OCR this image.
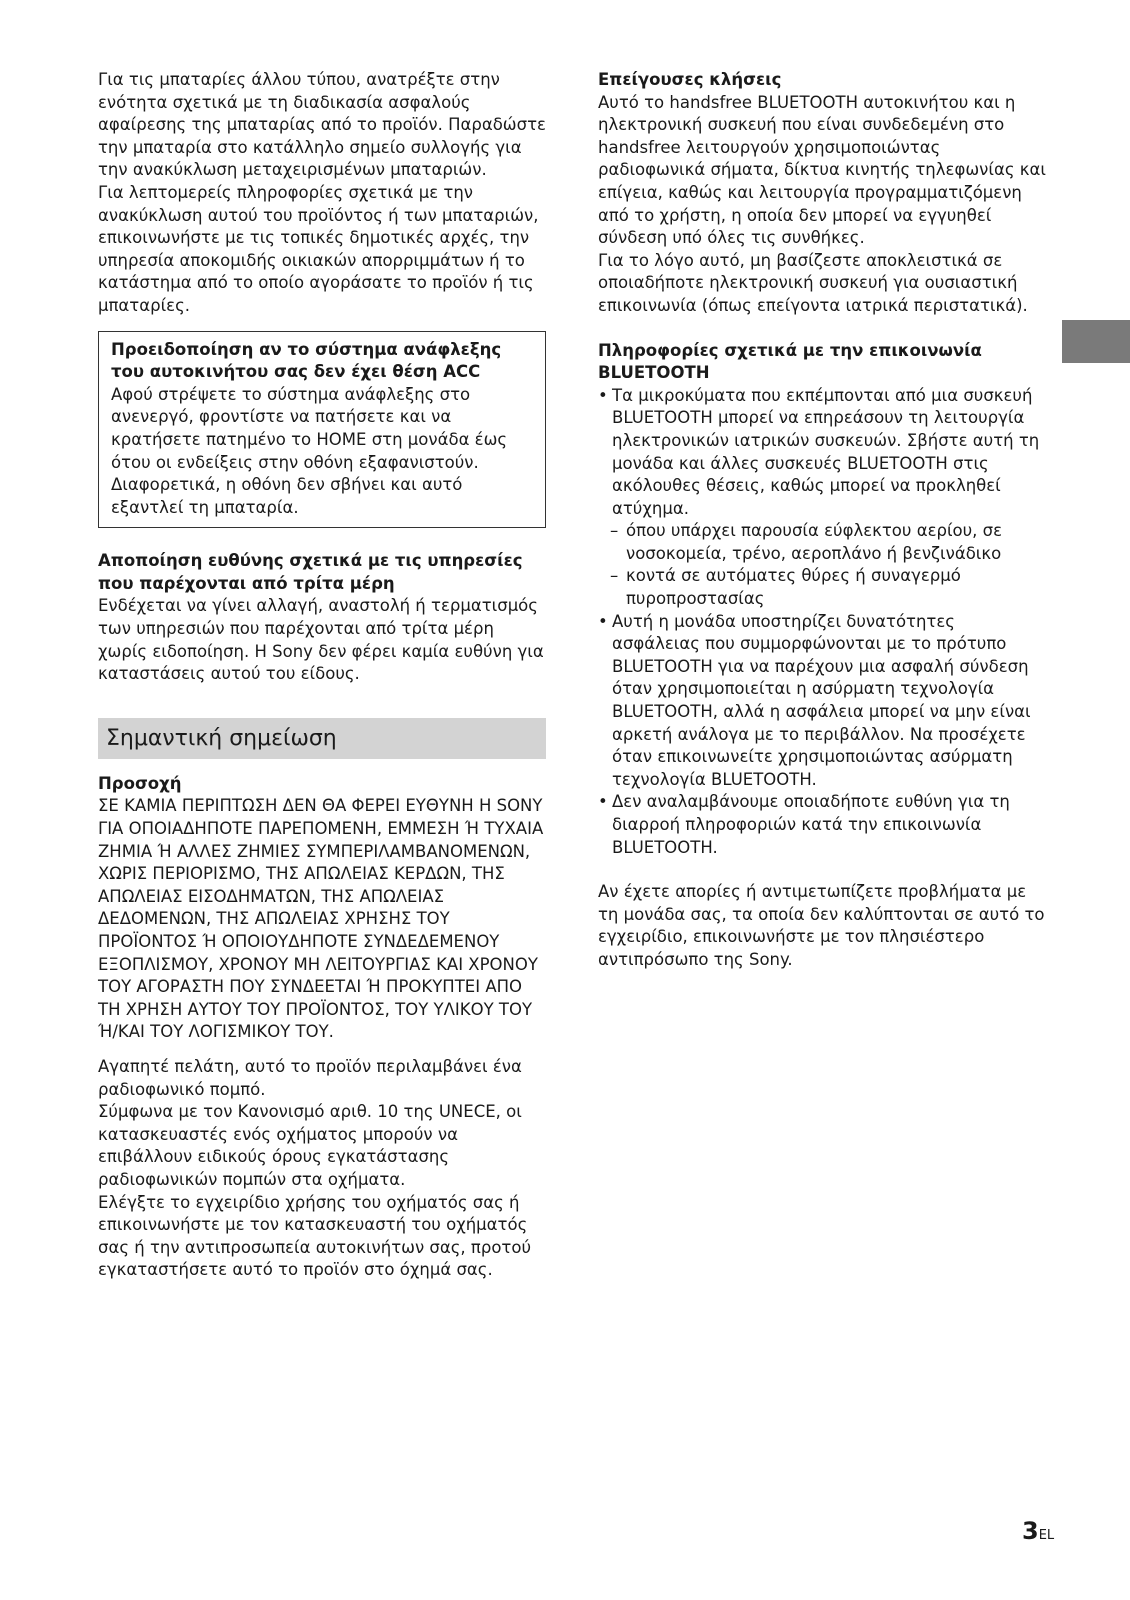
Για τις μπαταρίες άλλου τύπου, ανατρέξτε στην ενότητα σχετικά με τη διαδικασία ασφαλούς αφαίρεσης της μπαταρίας από το προϊόν. Παραδώστε την μπαταρία στο κατάλληλο σημείο συλλογής για την ανακύκλωση μεταχειρισμένων μπαταριών.

Για λεπτομερείς πληροφορίες σχετικά με την ανακύκλωση αυτού του προϊόντος ή των μπαταριών, επικοινωνήστε με τις τοπικές δημοτικές αρχές, την υπηρεσία αποκομιδής οικιακών απορριμμάτων ή το κατάστημα από το οποίο αγοράσατε το προϊόν ή τις μπαταρίες.

Προειδοποίηση αν το σύστημα ανάφλεξης του αυτοκινήτου σας δεν έχει θέση ACC

Αφού στρέψετε το σύστημα ανάφλεξης στο ανενεργό, φροντίστε να πατήσετε και να κρατήσετε πατημένο το HOME στη μονάδα έως ότου οι ενδείξεις στην οθόνη εξαφανιστούν. Διαφορετικά, η οθόνη δεν σβήνει και αυτό εξαντλεί τη μπαταρία.

Αποποίηση ευθύνης σχετικά με τις υπηρεσίες που παρέχονται από τρίτα μέρη

Ενδέχεται να γίνει αλλαγή, αναστολή ή τερματισμός των υπηρεσιών που παρέχονται από τρίτα μέρη χωρίς ειδοποίηση. Η Sony δεν φέρει καμία ευθύνη για καταστάσεις αυτού του είδους.

Σημαντική σημείωση

Προσοχή

ΣΕ ΚΑΜΙΑ ΠΕΡΙΠΤΩΣΗ ΔΕΝ ΘΑ ΦΕΡΕΙ ΕΥΘΥΝΗ Η SONY ΓΙΑ ΟΠΟΙΑΔΗΠΟΤΕ ΠΑΡΕΠΟΜΕΝΗ, ΕΜΜΕΣΗ Ή ΤΥΧΑΙΑ ΖΗΜΙΑ Ή ΑΛΛΕΣ ΖΗΜΙΕΣ ΣΥΜΠΕΡΙΛΑΜΒΑΝΟΜΕΝΩΝ, ΧΩΡΙΣ ΠΕΡΙΟΡΙΣΜΟ, ΤΗΣ ΑΠΩΛΕΙΑΣ ΚΕΡΔΩΝ, ΤΗΣ ΑΠΩΛΕΙΑΣ ΕΙΣΟΔΗΜΑΤΩΝ, ΤΗΣ ΑΠΩΛΕΙΑΣ ΔΕΔΟΜΕΝΩΝ, ΤΗΣ ΑΠΩΛΕΙΑΣ ΧΡΗΣΗΣ ΤΟΥ ΠΡΟΪΟΝΤΟΣ Ή ΟΠΟΙΟΥΔΗΠΟΤΕ ΣΥΝΔΕΔΕΜΕΝΟΥ ΕΞΟΠΛΙΣΜΟΥ, ΧΡΟΝΟΥ ΜΗ ΛΕΙΤΟΥΡΓΙΑΣ ΚΑΙ ΧΡΟΝΟΥ ΤΟΥ ΑΓΟΡΑΣΤΗ ΠΟΥ ΣΥΝΔΕΕΤΑΙ Ή ΠΡΟΚΥΠΤΕΙ ΑΠΟ ΤΗ ΧΡΗΣΗ ΑΥΤΟΥ ΤΟΥ ΠΡΟΪΟΝΤΟΣ, ΤΟΥ ΥΛΙΚΟΥ ΤΟΥ Ή/ΚΑΙ ΤΟΥ ΛΟΓΙΣΜΙΚΟΥ ΤΟΥ.

Αγαπητέ πελάτη, αυτό το προϊόν περιλαμβάνει ένα ραδιοφωνικό πομπό.

Σύμφωνα με τον Κανονισμό αριθ. 10 της UNECE, οι κατασκευαστές ενός οχήματος μπορούν να επιβάλλουν ειδικούς όρους εγκατάστασης ραδιοφωνικών πομπών στα οχήματα.

Ελέγξτε το εγχειρίδιο χρήσης του οχήματός σας ή επικοινωνήστε με τον κατασκευαστή του οχήματός σας ή την αντιπροσωπεία αυτοκινήτων σας, προτού εγκαταστήσετε αυτό το προϊόν στο όχημά σας.

Επείγουσες κλήσεις

Αυτό το handsfree BLUETOOTH αυτοκινήτου και η ηλεκτρονική συσκευή που είναι συνδεδεμένη στο handsfree λειτουργούν χρησιμοποιώντας ραδιοφωνικά σήματα, δίκτυα κινητής τηλεφωνίας και επίγεια, καθώς και λειτουργία προγραμματιζόμενη από το χρήστη, η οποία δεν μπορεί να εγγυηθεί σύνδεση υπό όλες τις συνθήκες.

Για το λόγο αυτό, μη βασίζεστε αποκλειστικά σε οποιαδήποτε ηλεκτρονική συσκευή για ουσιαστική επικοινωνία (όπως επείγοντα ιατρικά περιστατικά).

Πληροφορίες σχετικά με την επικοινωνία BLUETOOTH

• Τα μικροκύματα που εκπέμπονται από μια συσκευή BLUETOOTH μπορεί να επηρεάσουν τη λειτουργία ηλεκτρονικών ιατρικών συσκευών. Σβήστε αυτή τη μονάδα και άλλες συσκευές BLUETOOTH στις ακόλουθες θέσεις, καθώς μπορεί να προκληθεί ατύχημα.
– όπου υπάρχει παρουσία εύφλεκτου αερίου, σε νοσοκομεία, τρένο, αεροπλάνο ή βενζινάδικο
– κοντά σε αυτόματες θύρες ή συναγερμό πυροπροστασίας
• Αυτή η μονάδα υποστηρίζει δυνατότητες ασφάλειας που συμμορφώνονται με το πρότυπο BLUETOOTH για να παρέχουν μια ασφαλή σύνδεση όταν χρησιμοποιείται η ασύρματη τεχνολογία BLUETOOTH, αλλά η ασφάλεια μπορεί να μην είναι αρκετή ανάλογα με το περιβάλλον. Να προσέχετε όταν επικοινωνείτε χρησιμοποιώντας ασύρματη τεχνολογία BLUETOOTH.
• Δεν αναλαμβάνουμε οποιαδήποτε ευθύνη για τη διαρροή πληροφοριών κατά την επικοινωνία BLUETOOTH.

Αν έχετε απορίες ή αντιμετωπίζετε προβλήματα με τη μονάδα σας, τα οποία δεν καλύπτονται σε αυτό το εγχειρίδιο, επικοινωνήστε με τον πλησιέστερο αντιπρόσωπο της Sony.

3EL
